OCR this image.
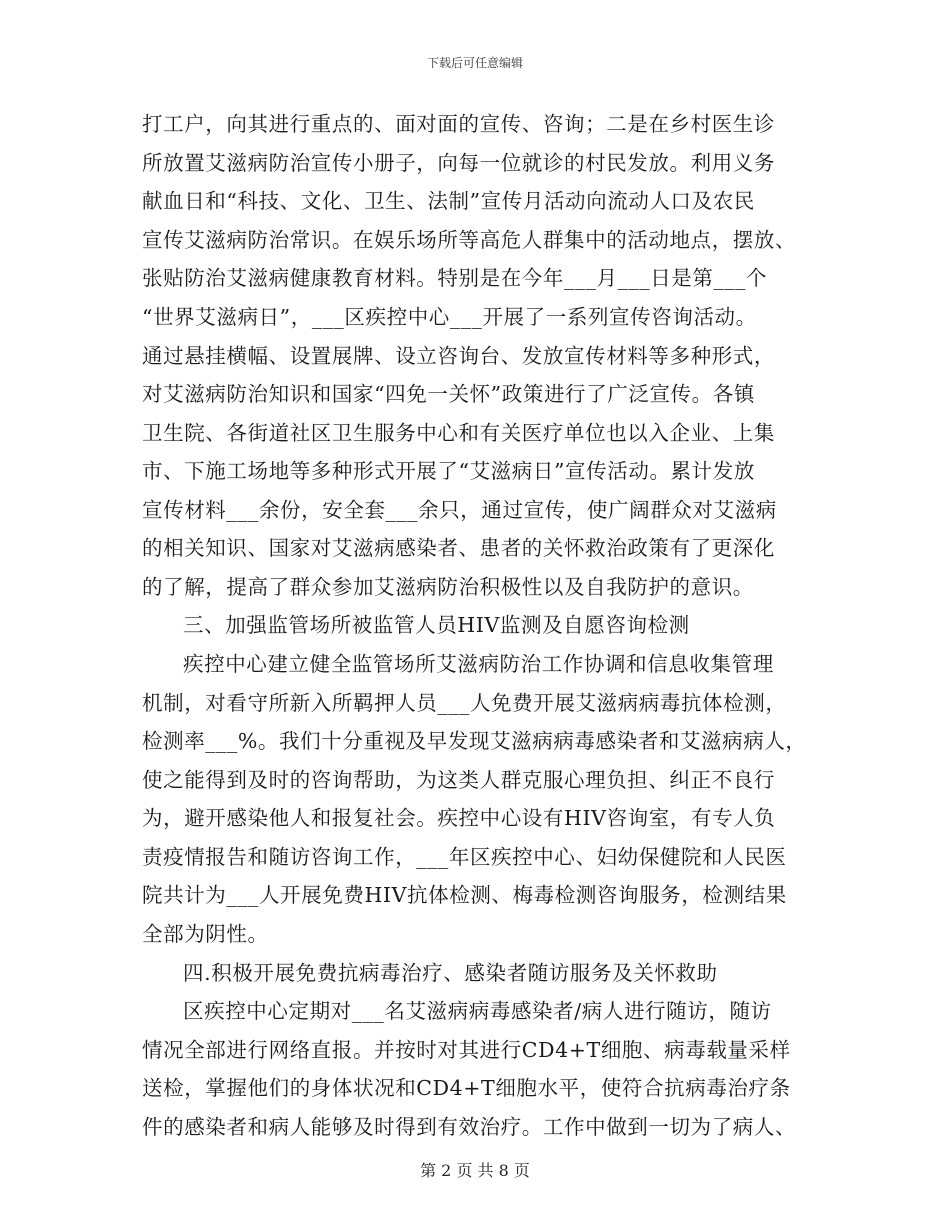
下载后可任意编辑
打工户，向其进行重点的、面对面的宣传、咨询；二是在乡村医生诊
所放置艾滋病防治宣传小册子，向每一位就诊的村民发放。利用义务
献血日和“科技、文化、卫生、法制”宣传月活动向流动人口及农民
宣传艾滋病防治常识。在娱乐场所等高危人群集中的活动地点，摆放、
张贴防治艾滋病健康教育材料。特别是在今年___月___日是第___个
“世界艾滋病日”，___区疾控中心___开展了一系列宣传咨询活动。
通过悬挂横幅、设置展牌、设立咨询台、发放宣传材料等多种形式，
对艾滋病防治知识和国家“四免一关怀”政策进行了广泛宣传。各镇
卫生院、各街道社区卫生服务中心和有关医疗单位也以入企业、上集
市、下施工场地等多种形式开展了“艾滋病日”宣传活动。累计发放
宣传材料___余份，安全套___余只，通过宣传，使广阔群众对艾滋病
的相关知识、国家对艾滋病感染者、患者的关怀救治政策有了更深化
的了解，提高了群众参加艾滋病防治积极性以及自我防护的意识。
三、加强监管场所被监管人员HIV监测及自愿咨询检测
疾控中心建立健全监管场所艾滋病防治工作协调和信息收集管理
机制，对看守所新入所羁押人员___人免费开展艾滋病病毒抗体检测，
检测率___%。我们十分重视及早发现艾滋病病毒感染者和艾滋病病人，
使之能得到及时的咨询帮助，为这类人群克服心理负担、纠正不良行
为，避开感染他人和报复社会。疾控中心设有HIV咨询室，有专人负
责疫情报告和随访咨询工作，___年区疾控中心、妇幼保健院和人民医
院共计为___人开展免费HIV抗体检测、梅毒检测咨询服务，检测结果
全部为阴性。
四.积极开展免费抗病毒治疗、感染者随访服务及关怀救助
区疾控中心定期对___名艾滋病病毒感染者/病人进行随访，随访
情况全部进行网络直报。并按时对其进行CD4+T细胞、病毒载量采样
送检，掌握他们的身体状况和CD4+T细胞水平，使符合抗病毒治疗条
件的感染者和病人能够及时得到有效治疗。工作中做到一切为了病人、
第 2 页 共 8 页
